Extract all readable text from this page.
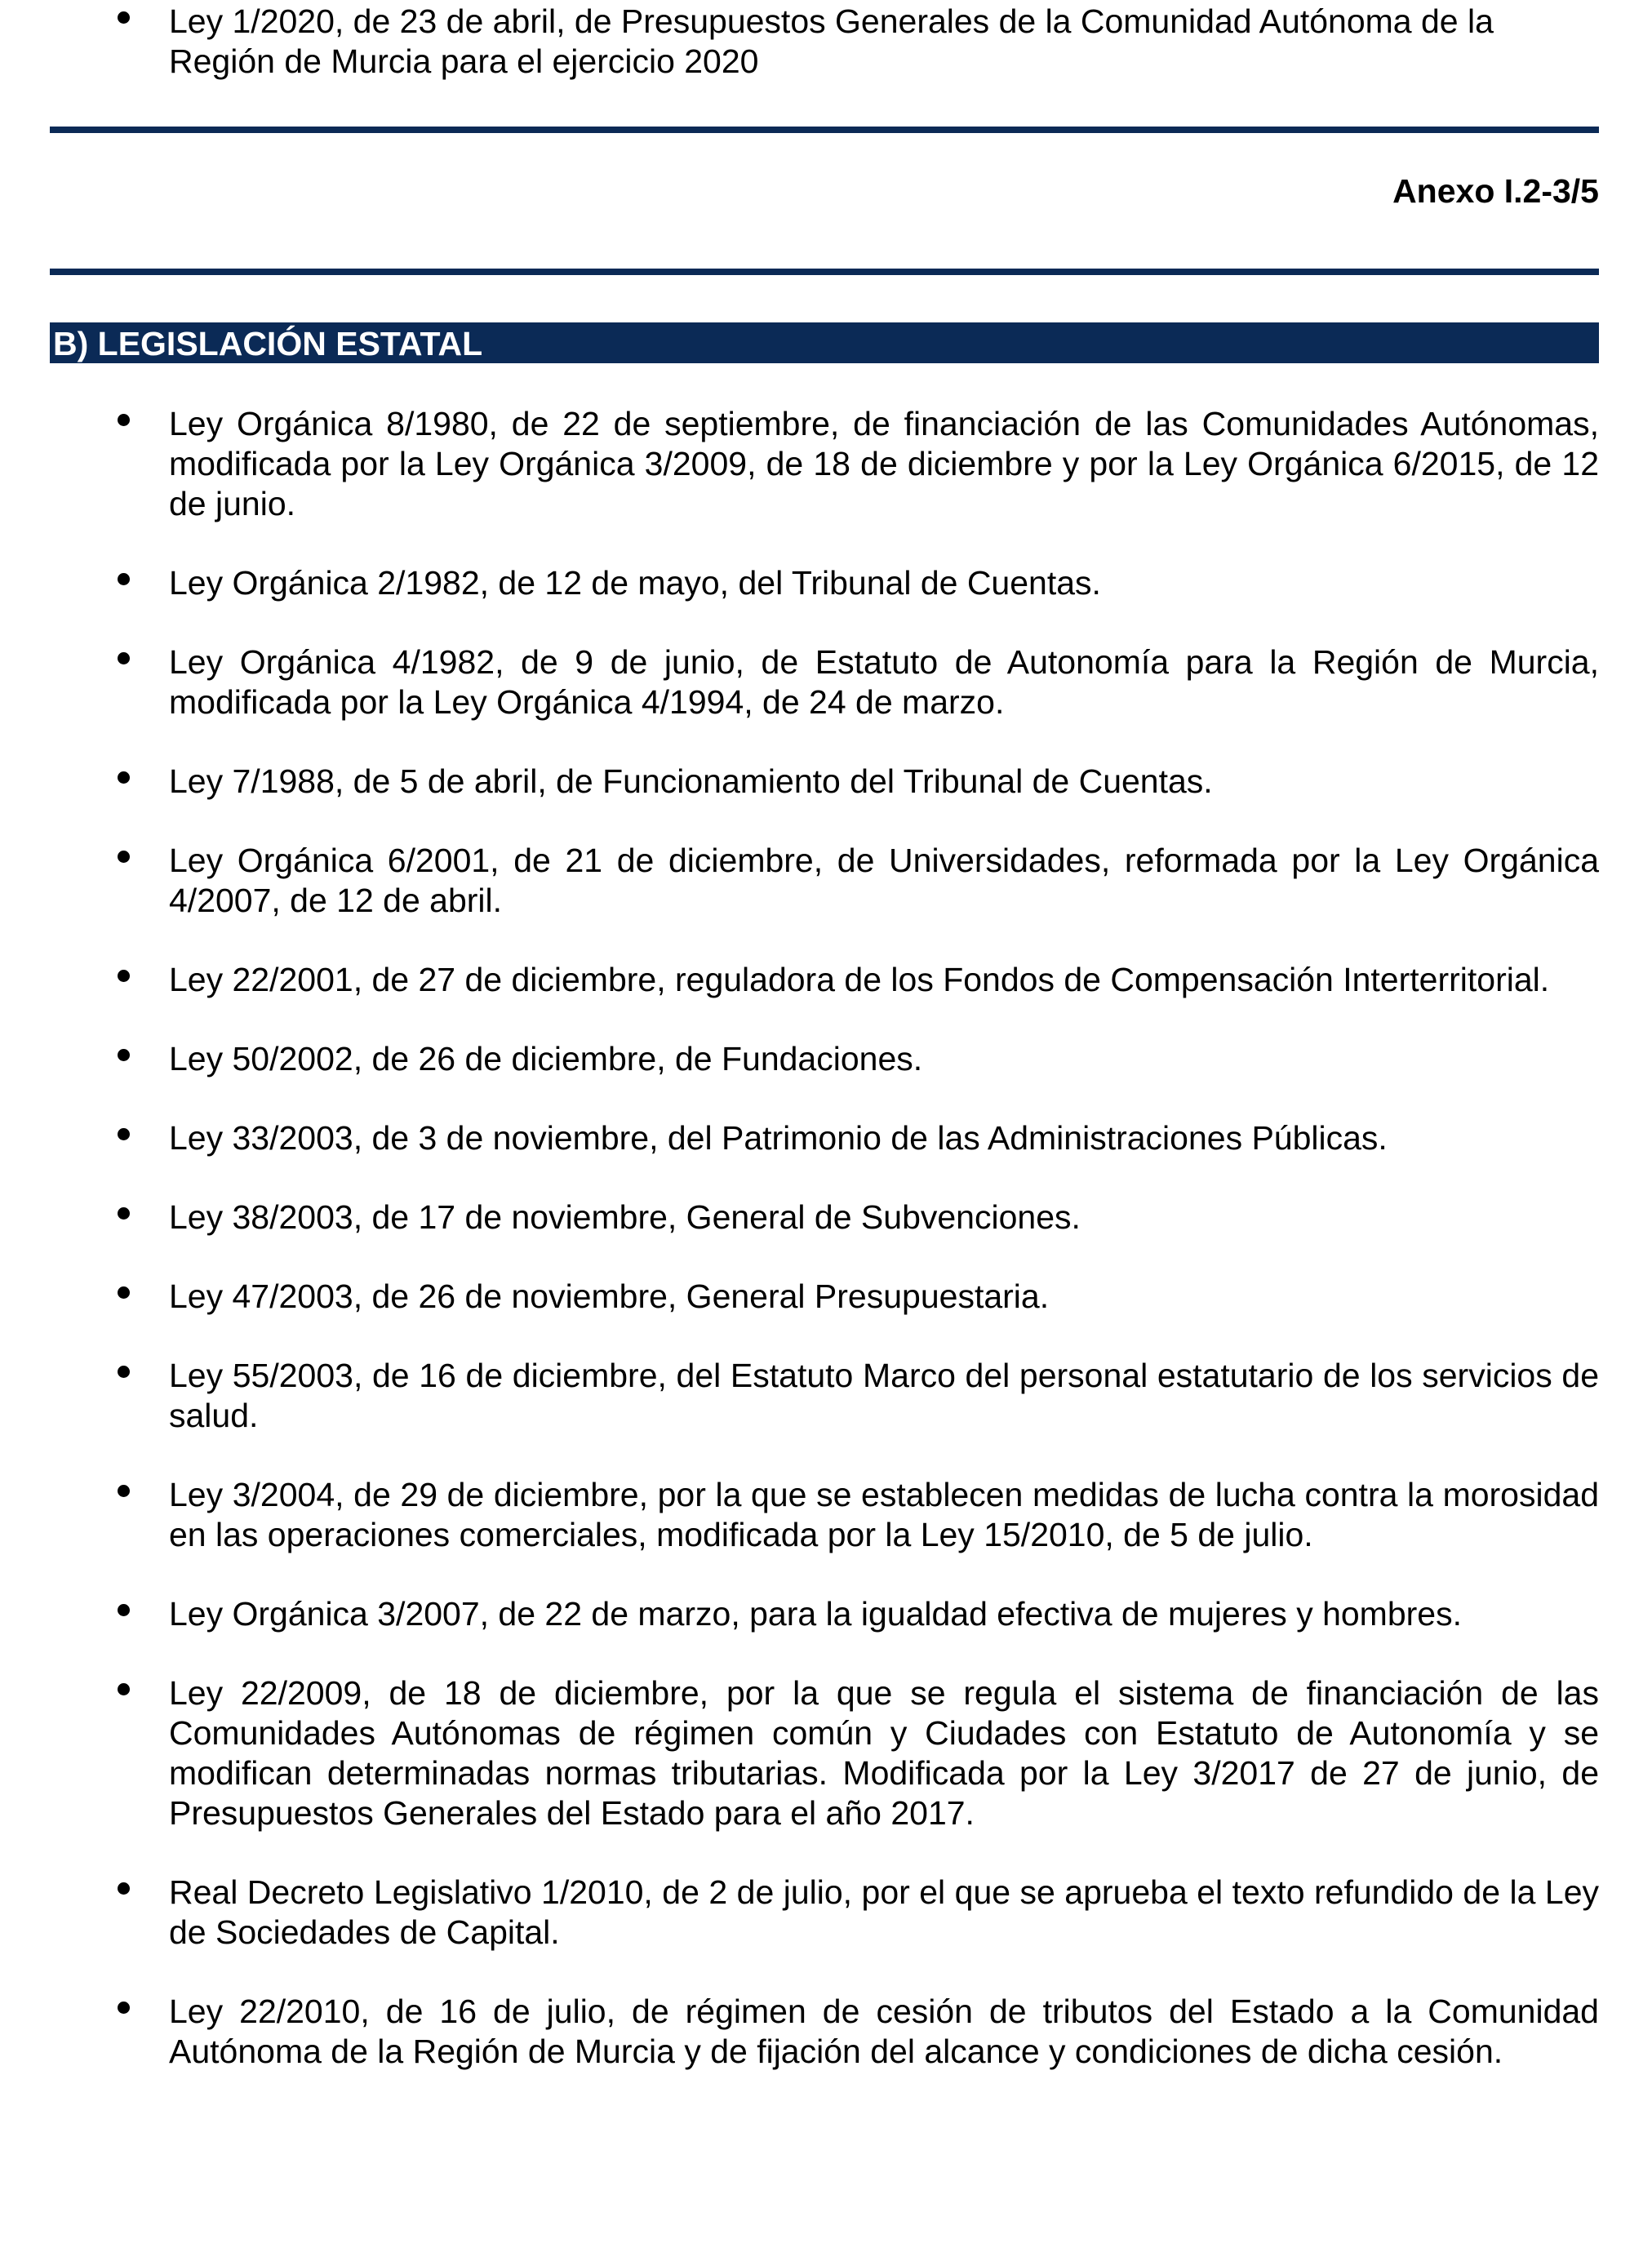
Ley 1/2020, de 23 de abril, de Presupuestos Generales de la Comunidad Autónoma de la Región de Murcia para el ejercicio 2020
Anexo I.2-3/5
B) LEGISLACIÓN ESTATAL
Ley Orgánica 8/1980, de 22 de septiembre, de financiación de las Comunidades Autónomas, modificada por la Ley Orgánica 3/2009, de 18 de diciembre y por la Ley Orgánica 6/2015, de 12 de junio.
Ley Orgánica 2/1982, de 12 de mayo, del Tribunal de Cuentas.
Ley Orgánica 4/1982, de 9 de junio, de Estatuto de Autonomía para la Región de Murcia, modificada por la Ley Orgánica 4/1994, de 24 de marzo.
Ley 7/1988, de 5 de abril, de Funcionamiento del Tribunal de Cuentas.
Ley Orgánica 6/2001, de 21 de diciembre, de Universidades, reformada por la Ley Orgánica 4/2007, de 12 de abril.
Ley 22/2001, de 27 de diciembre, reguladora de los Fondos de Compensación Interterritorial.
Ley 50/2002, de 26 de diciembre, de Fundaciones.
Ley 33/2003, de 3 de noviembre, del Patrimonio de las Administraciones Públicas.
Ley 38/2003, de 17 de noviembre, General de Subvenciones.
Ley 47/2003, de 26 de noviembre, General Presupuestaria.
Ley 55/2003, de 16 de diciembre, del Estatuto Marco del personal estatutario de los servicios de salud.
Ley 3/2004, de 29 de diciembre, por la que se establecen medidas de lucha contra la morosidad en las operaciones comerciales, modificada por la Ley 15/2010, de 5 de julio.
Ley Orgánica 3/2007, de 22 de marzo, para la igualdad efectiva de mujeres y hombres.
Ley 22/2009, de 18 de diciembre, por la que se regula el sistema de financiación de las Comunidades Autónomas de régimen común y Ciudades con Estatuto de Autonomía y se modifican determinadas normas tributarias. Modificada por la Ley 3/2017 de 27 de junio, de Presupuestos Generales del Estado para el año 2017.
Real Decreto Legislativo 1/2010, de 2 de julio, por el que se aprueba el texto refundido de la Ley de Sociedades de Capital.
Ley 22/2010, de 16 de julio, de régimen de cesión de tributos del Estado a la Comunidad Autónoma de la Región de Murcia y de fijación del alcance y condiciones de dicha cesión.
